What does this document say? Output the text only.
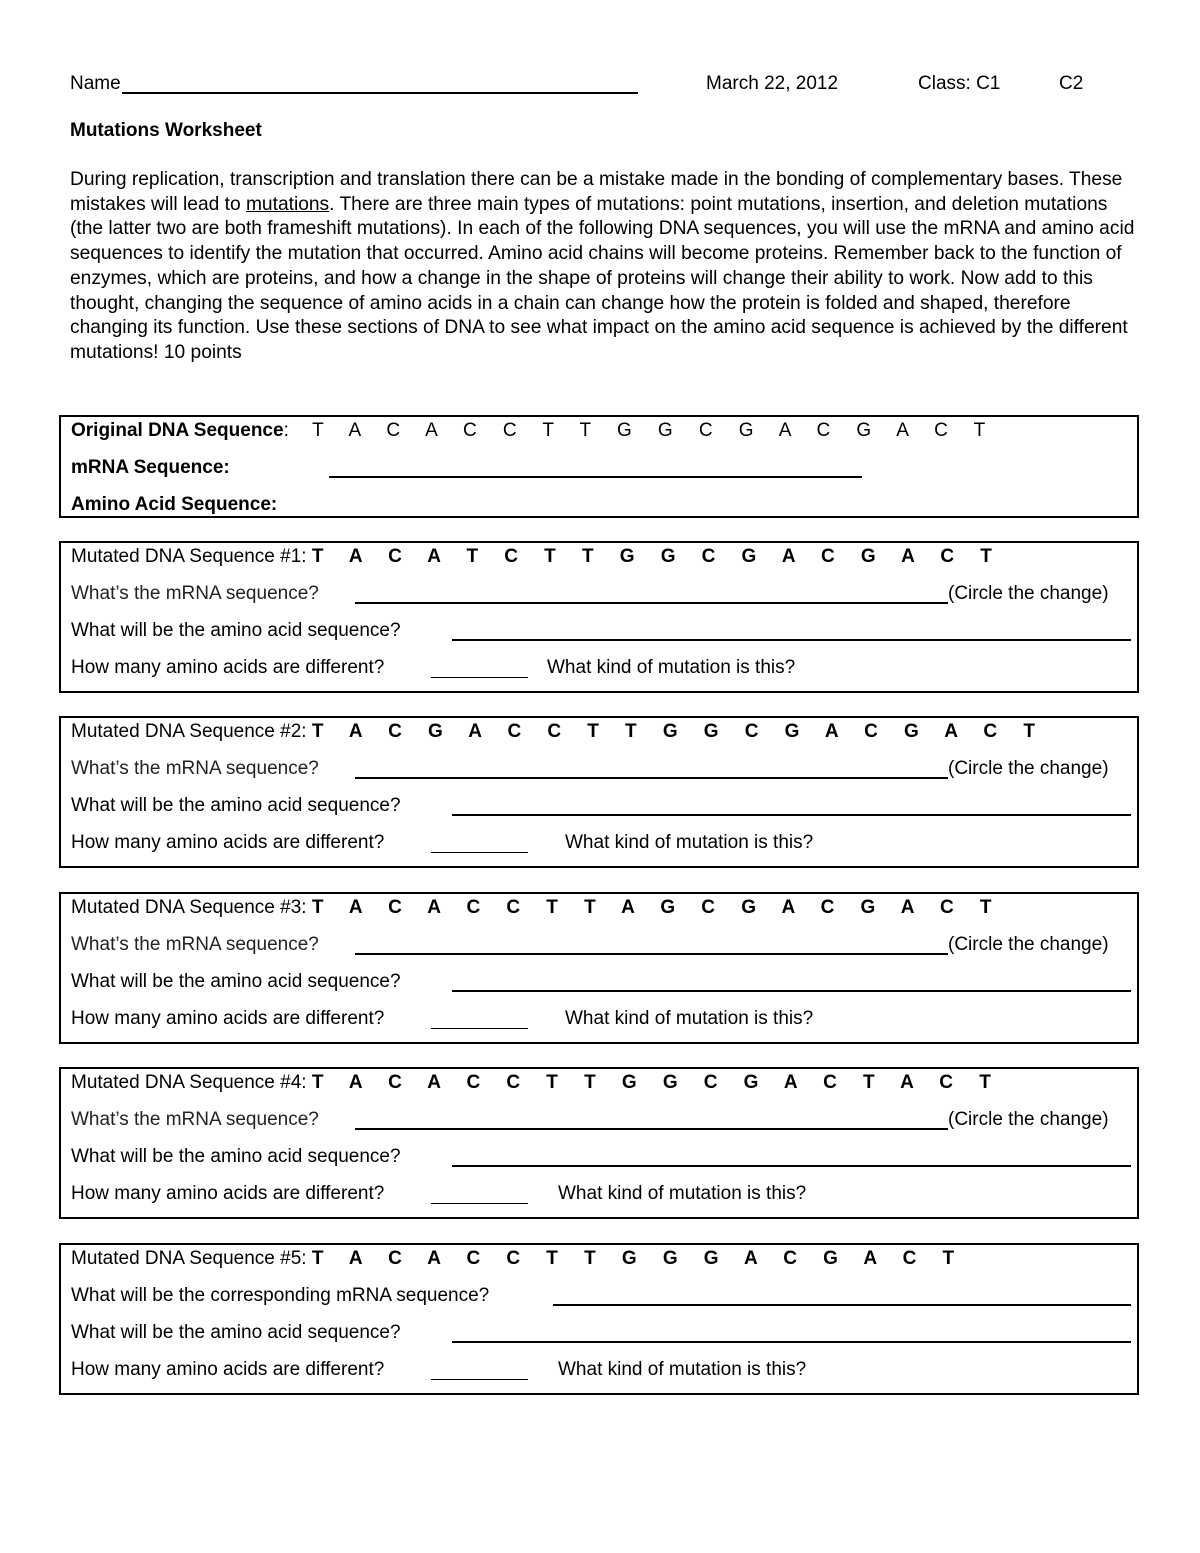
Name	March 22, 2012	Class: C1	C2
Mutations Worksheet

During replication, transcription and translation there can be a mistake made in the bonding of complementary bases. These mistakes will lead to mutations. There are three main types of mutations: point mutations, insertion, and deletion mutations (the latter two are both frameshift mutations). In each of the following DNA sequences, you will use the mRNA and amino acid sequences to identify the mutation that occurred. Amino acid chains will become proteins. Remember back to the function of enzymes, which are proteins, and how a change in the shape of proteins will change their ability to work. Now add to this thought, changing the sequence of amino acids in a chain can change how the protein is folded and shaped, therefore changing its function. Use these sections of DNA to see what impact on the amino acid sequence is achieved by the different mutations! 10 points

Original DNA Sequence: T A C A C C T T G G C G A C G A C T
mRNA Sequence:
Amino Acid Sequence:
Mutated DNA Sequence #1: T A C A T C T T G G C G A C G A C T
What’s the mRNA sequence?	(Circle the change)
What will be the amino acid sequence?
How many amino acids are different?	What kind of mutation is this?
Mutated DNA Sequence #2: T A C G A C C T T G G C G A C G A C T
What’s the mRNA sequence?	(Circle the change)
What will be the amino acid sequence?
How many amino acids are different?	What kind of mutation is this?
Mutated DNA Sequence #3: T A C A C C T T A G C G A C G A C T
What’s the mRNA sequence?	(Circle the change)
What will be the amino acid sequence?
How many amino acids are different?	What kind of mutation is this?
Mutated DNA Sequence #4: T A C A C C T T G G C G A C T A C T
What’s the mRNA sequence?	(Circle the change)
What will be the amino acid sequence?
How many amino acids are different?	What kind of mutation is this?
Mutated DNA Sequence #5: T A C A C C T T G G G A C G A C T
What will be the corresponding mRNA sequence?
What will be the amino acid sequence?
How many amino acids are different?	What kind of mutation is this?
